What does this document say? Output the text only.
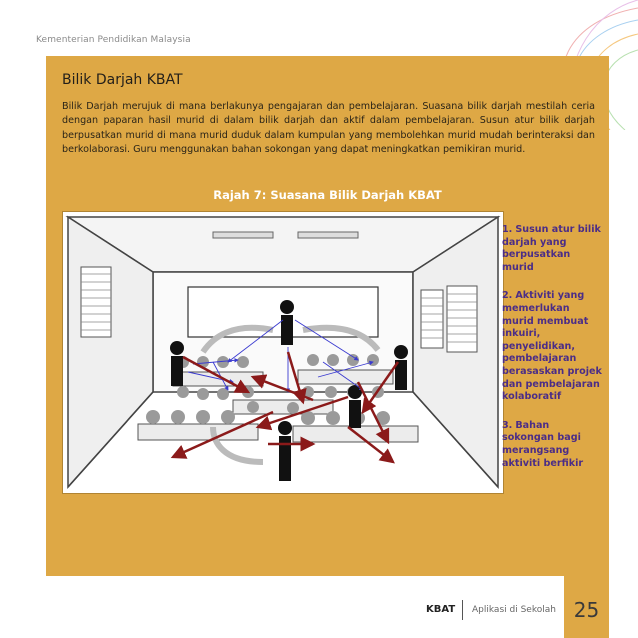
Kementerian Pendidikan Malaysia
Bilik Darjah KBAT
Bilik Darjah merujuk di mana berlakunya pengajaran dan pembelajaran. Suasana bilik darjah mestilah ceria dengan paparan hasil murid di dalam bilik darjah dan aktif dalam pembelajaran. Susun atur bilik darjah berpusatkan murid di mana murid duduk dalam kumpulan yang membolehkan murid mudah berinteraksi dan berkolaborasi. Guru menggunakan bahan sokongan yang dapat meningkatkan pemikiran murid.
Rajah 7: Suasana Bilik Darjah KBAT
1. Susun atur bilik darjah yang berpusatkan murid
2. Aktiviti yang memerlukan murid membuat inkuiri, penyelidikan, pembelajaran berasaskan projek dan pembelajaran kolaboratif
3. Bahan sokongan bagi merangsang aktiviti berfikir
KBAT Aplikasi di Sekolah 25
